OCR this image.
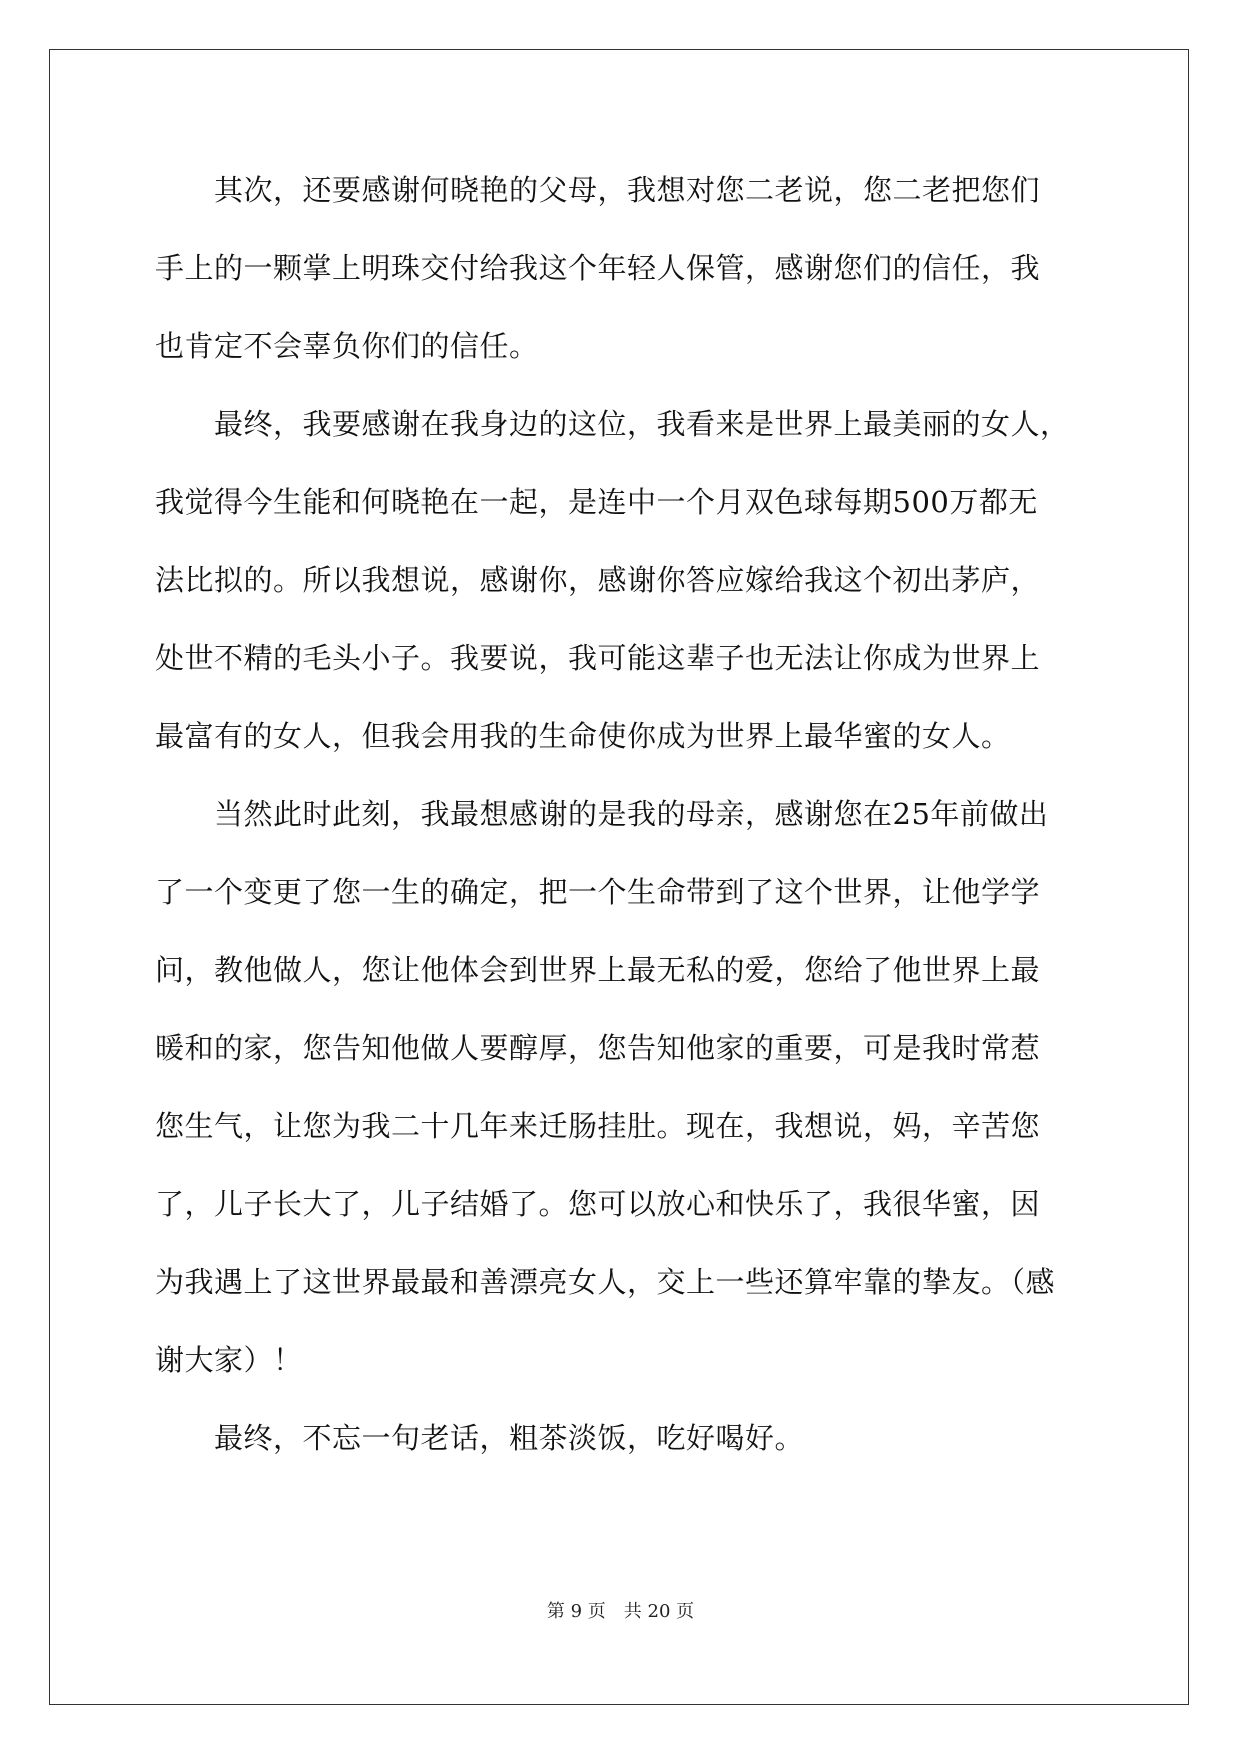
　　其次，还要感谢何晓艳的父母，我想对您二老说，您二老把您们
手上的一颗掌上明珠交付给我这个年轻人保管，感谢您们的信任，我
也肯定不会辜负你们的信任。
　　最终，我要感谢在我身边的这位，我看来是世界上最美丽的女人，
我觉得今生能和何晓艳在一起，是连中一个月双色球每期500万都无
法比拟的。所以我想说，感谢你，感谢你答应嫁给我这个初出茅庐，
处世不精的毛头小子。我要说，我可能这辈子也无法让你成为世界上
最富有的女人，但我会用我的生命使你成为世界上最华蜜的女人。
　　当然此时此刻，我最想感谢的是我的母亲，感谢您在25年前做出
了一个变更了您一生的确定，把一个生命带到了这个世界，让他学学
问，教他做人，您让他体会到世界上最无私的爱，您给了他世界上最
暖和的家，您告知他做人要醇厚，您告知他家的重要，可是我时常惹
您生气，让您为我二十几年来迁肠挂肚。现在，我想说，妈，辛苦您
了，儿子长大了，儿子结婚了。您可以放心和快乐了，我很华蜜，因
为我遇上了这世界最最和善漂亮女人，交上一些还算牢靠的挚友。（感
谢大家）！
　　最终，不忘一句老话，粗茶淡饭，吃好喝好。
第 9 页 共 20 页
